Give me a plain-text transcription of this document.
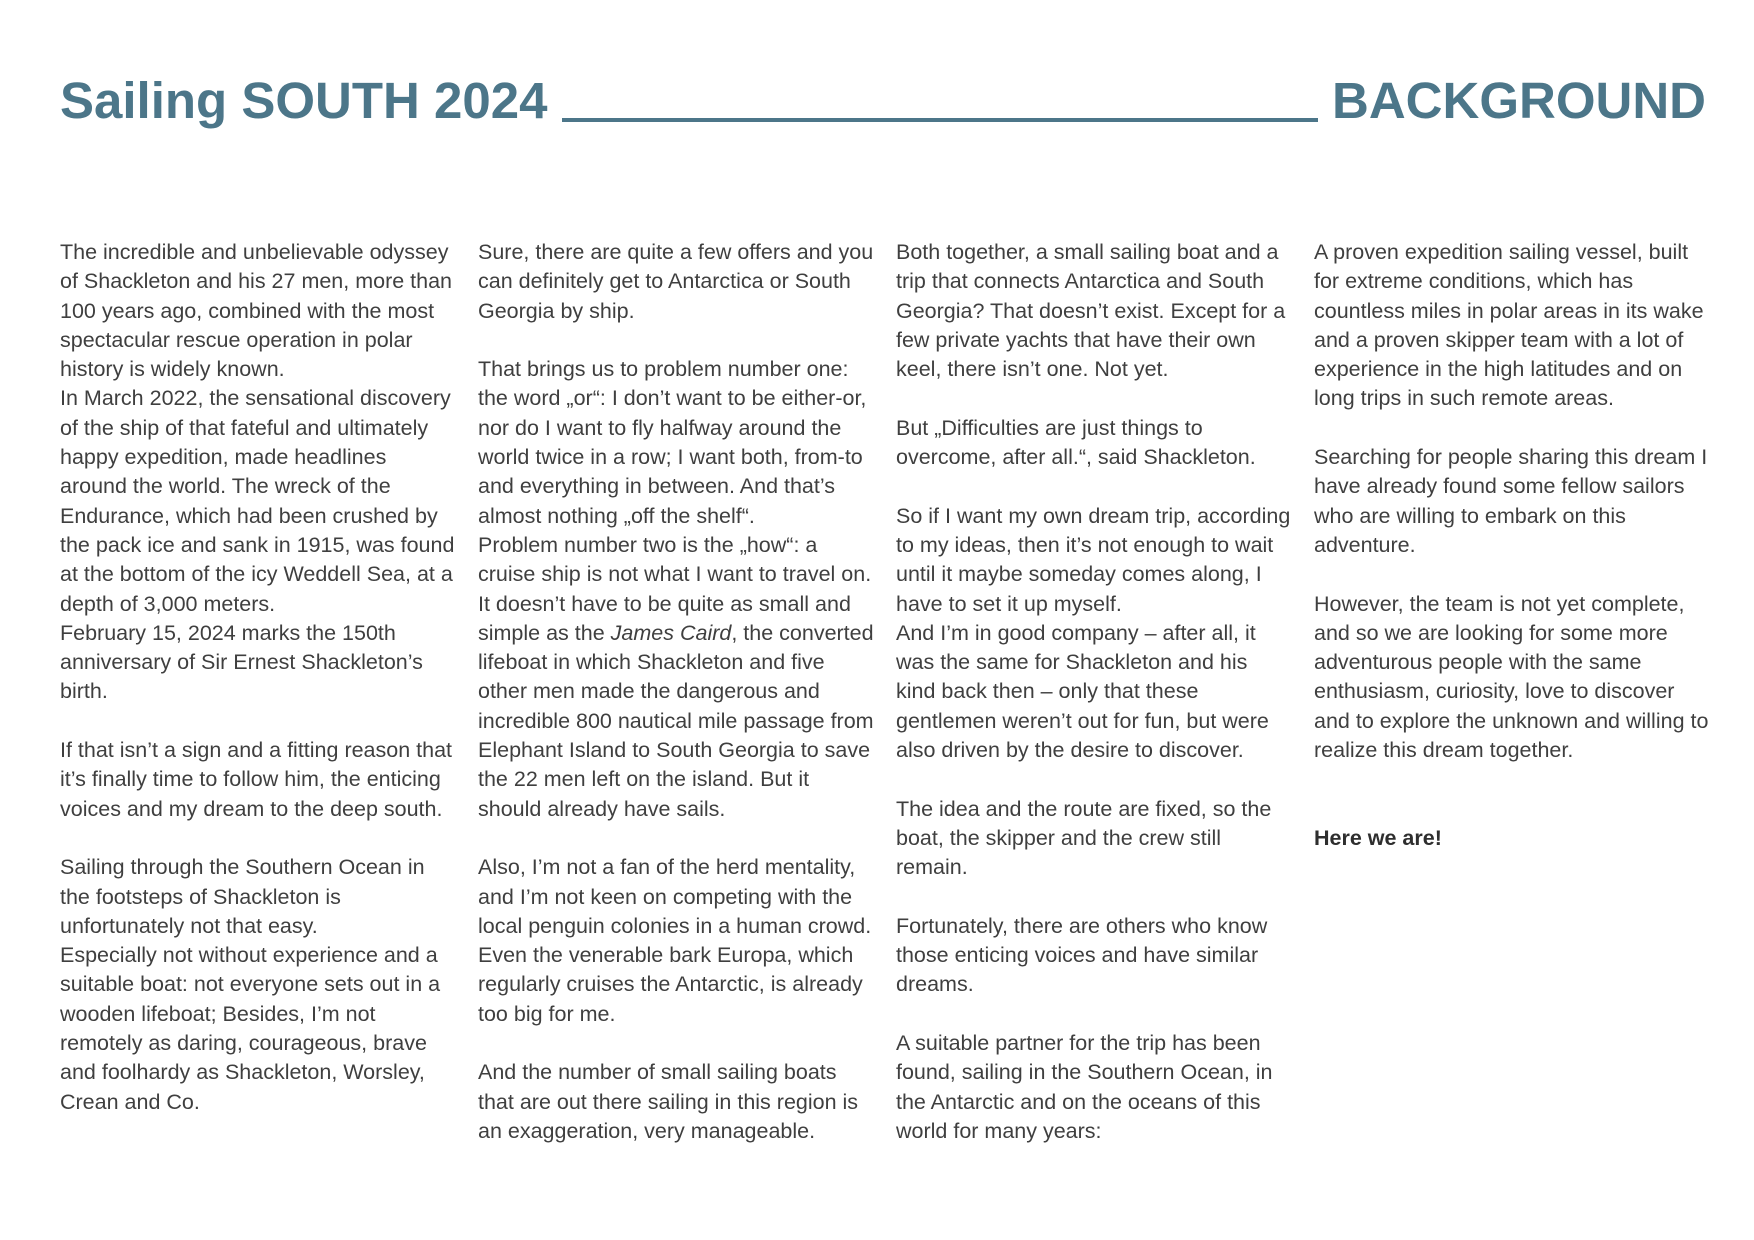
Sailing SOUTH 2024	BACKGROUND

The incredible and unbelievable odyssey of Shackleton and his 27 men, more than 100 years ago, combined with the most spectacular rescue operation in polar history is widely known.

In March 2022, the sensational discovery of the ship of that fateful and ultimately happy expedition, made headlines around the world. The wreck of the Endurance, which had been crushed by the pack ice and sank in 1915, was found at the bottom of the icy Weddell Sea, at a depth of 3,000 meters.

February 15, 2024 marks the 150th anniversary of Sir Ernest Shackleton’s birth.

If that isn’t a sign and a fitting reason that it’s finally time to follow him, the enticing voices and my dream to the deep south.

Sailing through the Southern Ocean in the footsteps of Shackleton is unfortunately not that easy.

Especially not without experience and a suitable boat: not everyone sets out in a wooden lifeboat; Besides, I’m not remotely as daring, courageous, brave and foolhardy as Shackleton, Worsley, Crean and Co.

Sure, there are quite a few offers and you can definitely get to Antarctica or South Georgia by ship.

That brings us to problem number one: the word „or“: I don’t want to be either-or, nor do I want to fly halfway around the world twice in a row; I want both, from-to and everything in between. And that’s almost nothing „off the shelf“.

Problem number two is the „how“: a cruise ship is not what I want to travel on. It doesn’t have to be quite as small and simple as the James Caird, the converted lifeboat in which Shackleton and five other men made the dangerous and incredible 800 nautical mile passage from Elephant Island to South Georgia to save the 22 men left on the island. But it should already have sails.

Also, I’m not a fan of the herd mentality, and I’m not keen on competing with the local penguin colonies in a human crowd. Even the venerable bark Europa, which regularly cruises the Antarctic, is already too big for me.

And the number of small sailing boats that are out there sailing in this region is an exaggeration, very manageable.

Both together, a small sailing boat and a trip that connects Antarctica and South Georgia? That doesn’t exist. Except for a few private yachts that have their own keel, there isn’t one. Not yet.

But „Difficulties are just things to overcome, after all.“, said Shackleton.

So if I want my own dream trip, according to my ideas, then it’s not enough to wait until it maybe someday comes along, I have to set it up myself.

And I’m in good company – after all, it was the same for Shackleton and his kind back then – only that these gentlemen weren’t out for fun, but were also driven by the desire to discover.

The idea and the route are fixed, so the boat, the skipper and the crew still remain.

Fortunately, there are others who know those enticing voices and have similar dreams.

A suitable partner for the trip has been found, sailing in the Southern Ocean, in the Antarctic and on the oceans of this world for many years:

A proven expedition sailing vessel, built for extreme conditions, which has countless miles in polar areas in its wake and a proven skipper team with a lot of experience in the high latitudes and on long trips in such remote areas.

Searching for people sharing this dream I have already found some fellow sailors who are willing to embark on this adventure.

However, the team is not yet complete, and so we are looking for some more adventurous people with the same enthusiasm, curiosity, love to discover and to explore the unknown and willing to realize this dream together.

Here we are!
